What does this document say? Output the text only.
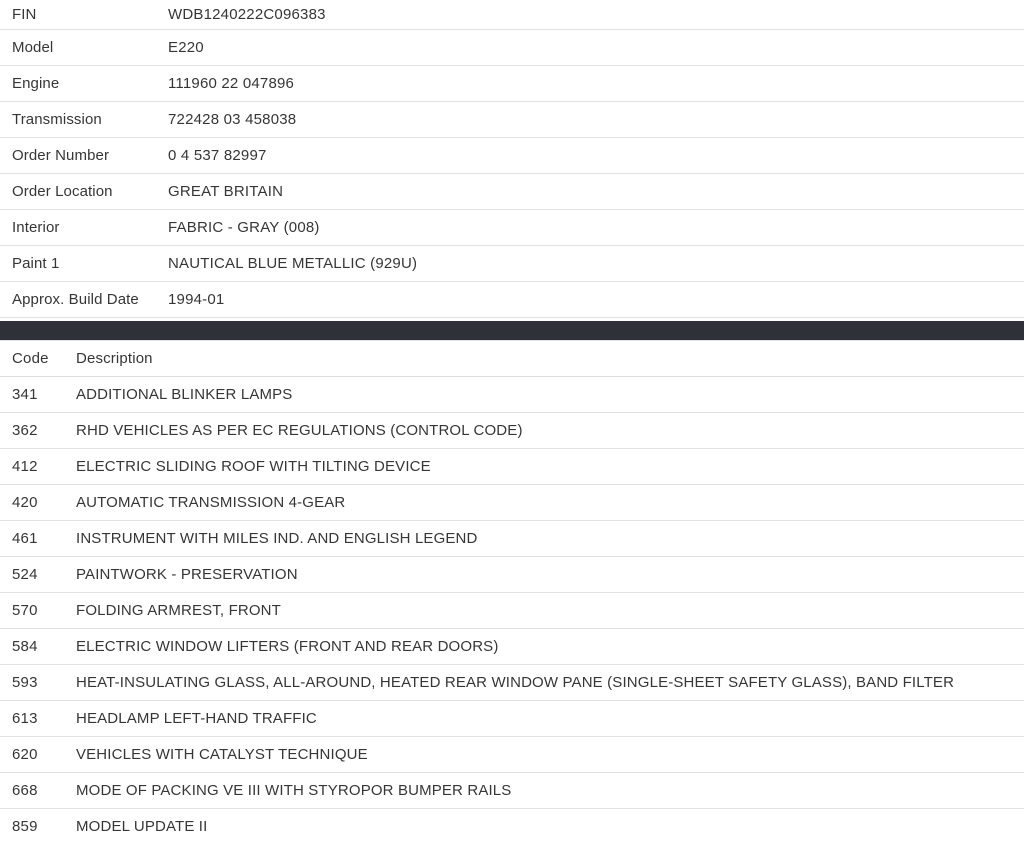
FIN	WDB1240222C096383
Model	E220
Engine	111960 22 047896
Transmission	722428 03 458038
Order Number	0 4 537 82997
Order Location	GREAT BRITAIN
Interior	FABRIC - GRAY (008)
Paint 1	NAUTICAL BLUE METALLIC (929U)
Approx. Build Date	1994-01
Code	Description
341	ADDITIONAL BLINKER LAMPS
362	RHD VEHICLES AS PER EC REGULATIONS (CONTROL CODE)
412	ELECTRIC SLIDING ROOF WITH TILTING DEVICE
420	AUTOMATIC TRANSMISSION 4-GEAR
461	INSTRUMENT WITH MILES IND. AND ENGLISH LEGEND
524	PAINTWORK - PRESERVATION
570	FOLDING ARMREST, FRONT
584	ELECTRIC WINDOW LIFTERS (FRONT AND REAR DOORS)
593	HEAT-INSULATING GLASS, ALL-AROUND, HEATED REAR WINDOW PANE (SINGLE-SHEET SAFETY GLASS), BAND FILTER
613	HEADLAMP LEFT-HAND TRAFFIC
620	VEHICLES WITH CATALYST TECHNIQUE
668	MODE OF PACKING VE III WITH STYROPOR BUMPER RAILS
859	MODEL UPDATE II
